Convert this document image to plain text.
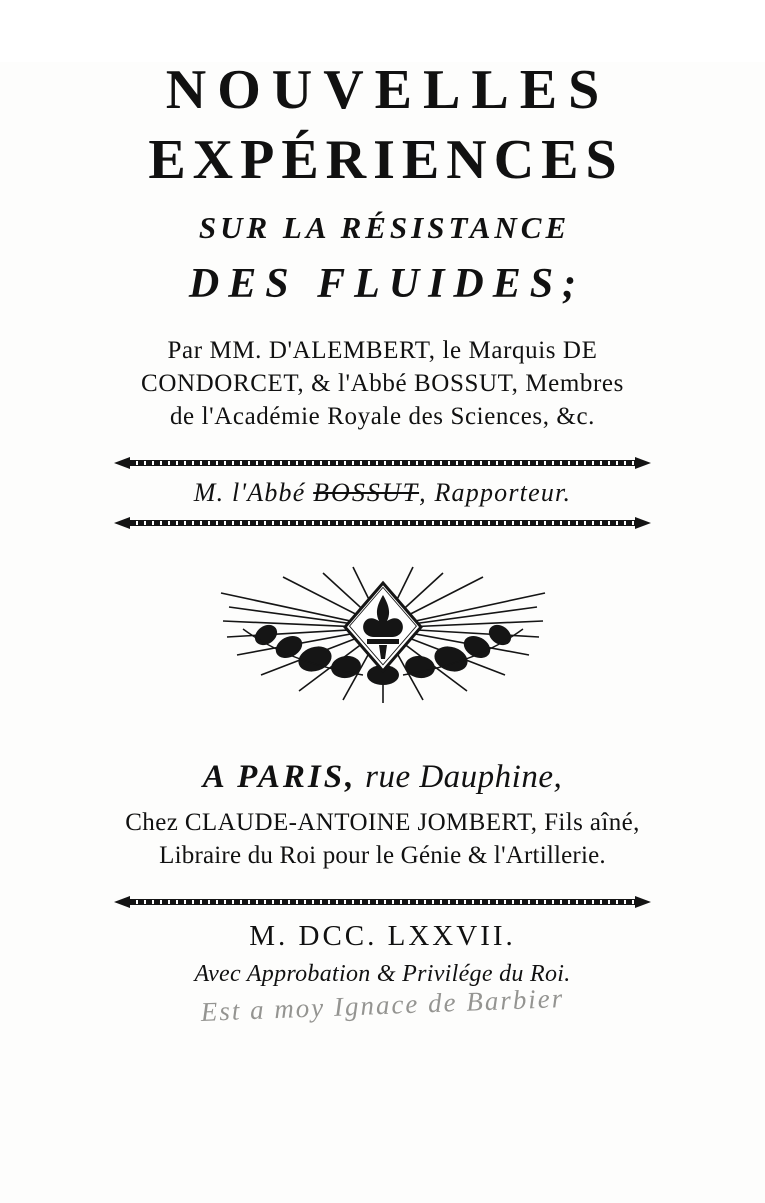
NOUVELLES
EXPÉRIENCES
SUR LA RÉSISTANCE
DES FLUIDES;
Par MM. D'ALEMBERT, le Marquis DE
CONDORCET, & l'Abbé BOSSUT, Membres
de l'Académie Royale des Sciences, &c.
M. l'Abbé BOSSUT, Rapporteur.
A PARIS, rue Dauphine,
Chez CLAUDE-ANTOINE JOMBERT, Fils aîné,
Libraire du Roi pour le Génie & l'Artillerie.
M. DCC. LXXVII.
Avec Approbation & Privilége du Roi.
Est a moy Ignace de Barbier
